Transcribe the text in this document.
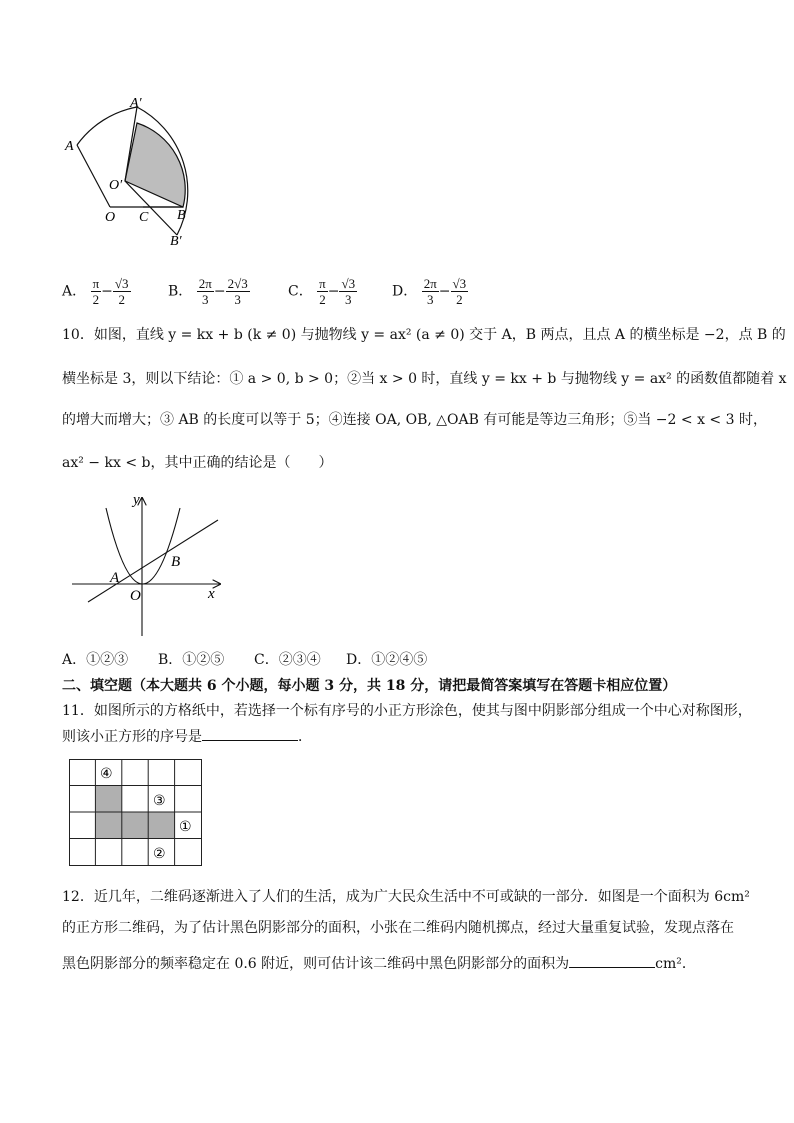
A
A′
O′
O C B
B′
A． $\frac{\pi}{2} - \frac{√3}{2}$	B． $\frac{2\pi}{3} - \frac{2√3}{3}$	C． $\frac{\pi}{2} - \frac{√3}{3}$ D． $\frac{2\pi}{3} - \frac{√3}{2}$
10．如图，直线 y = kx + b (k ≠ 0) 与抛物线 y = ax² (a ≠ 0) 交于 A，B 两点，且点 A 的横坐标是 −2，点 B 的
横坐标是 3，则以下结论：① a > 0, b > 0；②当 x > 0 时，直线 y = kx + b 与抛物线 y = ax² 的函数值都随着 x
的增大而增大；③ AB 的长度可以等于 5；④连接 OA, OB, △OAB 有可能是等边三角形；⑤当 −2 < x < 3 时，
ax² − kx < b，其中正确的结论是（　　）
y
x
A
B
O
A．①②③ B．①②⑤ C．②③④ D．①②④⑤
二、填空题（本大题共 6 个小题，每小题 3 分，共 18 分，请把最简答案填写在答题卡相应位置）
11．如图所示的方格纸中，若选择一个标有序号的小正方形涂色，使其与图中阴影部分组成一个中心对称图形，
则该小正方形的序号是	．
④
③
①
②
12．近几年，二维码逐渐进入了人们的生活，成为广大民众生活中不可或缺的一部分．如图是一个面积为 6cm²
的正方形二维码，为了估计黑色阴影部分的面积，小张在二维码内随机掷点，经过大量重复试验，发现点落在
黑色阴影部分的频率稳定在 0.6 附近，则可估计该二维码中黑色阴影部分的面积为	cm²．
